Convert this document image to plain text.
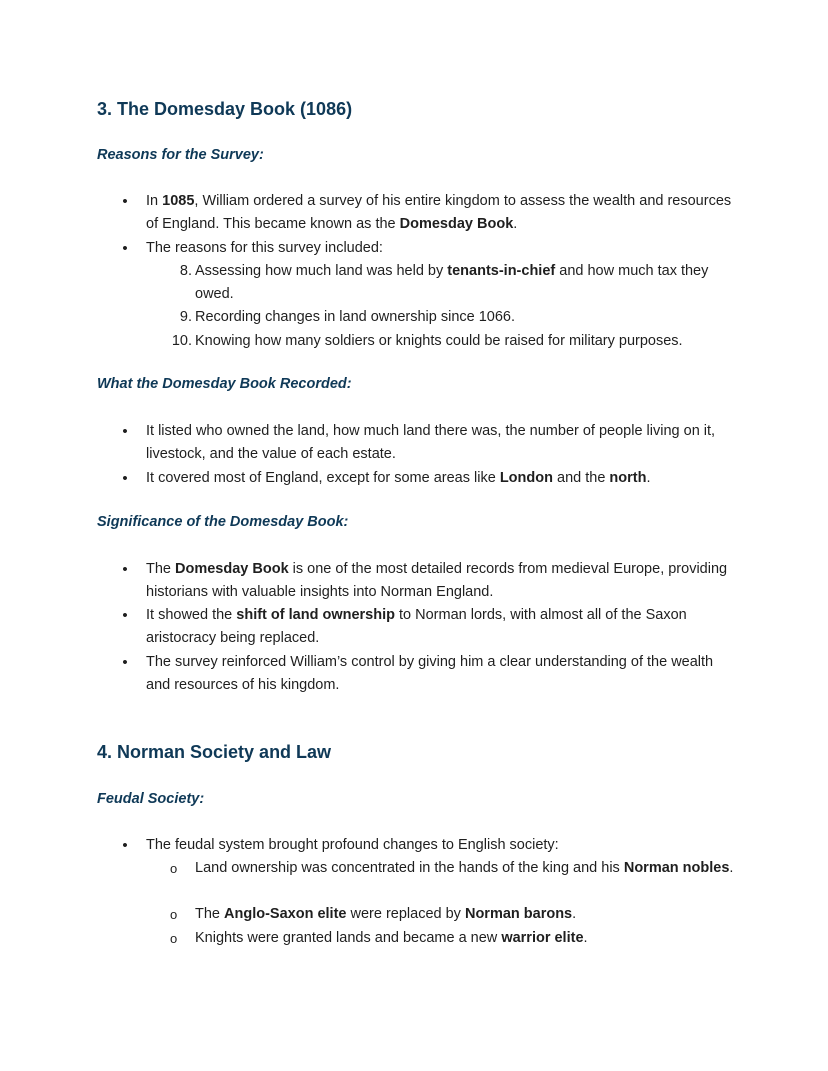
3. The Domesday Book (1086)
Reasons for the Survey:
• In 1085, William ordered a survey of his entire kingdom to assess the wealth and resources of England. This became known as the Domesday Book.

• The reasons for this survey included:

8. Assessing how much land was held by tenants-in-chief and how much tax they owed.

9. Recording changes in land ownership since 1066.

10. Knowing how many soldiers or knights could be raised for military purposes.

What the Domesday Book Recorded:
• It listed who owned the land, how much land there was, the number of people living on it, livestock, and the value of each estate.

• It covered most of England, except for some areas like London and the north.

Significance of the Domesday Book:
• The Domesday Book is one of the most detailed records from medieval Europe, providing historians with valuable insights into Norman England.

• It showed the shift of land ownership to Norman lords, with almost all of the Saxon aristocracy being replaced.

• The survey reinforced William’s control by giving him a clear understanding of the wealth and resources of his kingdom.

4. Norman Society and Law
Feudal Society:
• The feudal system brought profound changes to English society:

o	Land ownership was concentrated in the hands of the king and his Norman nobles.

o	The Anglo-Saxon elite were replaced by Norman barons.

o	Knights were granted lands and became a new warrior elite.
